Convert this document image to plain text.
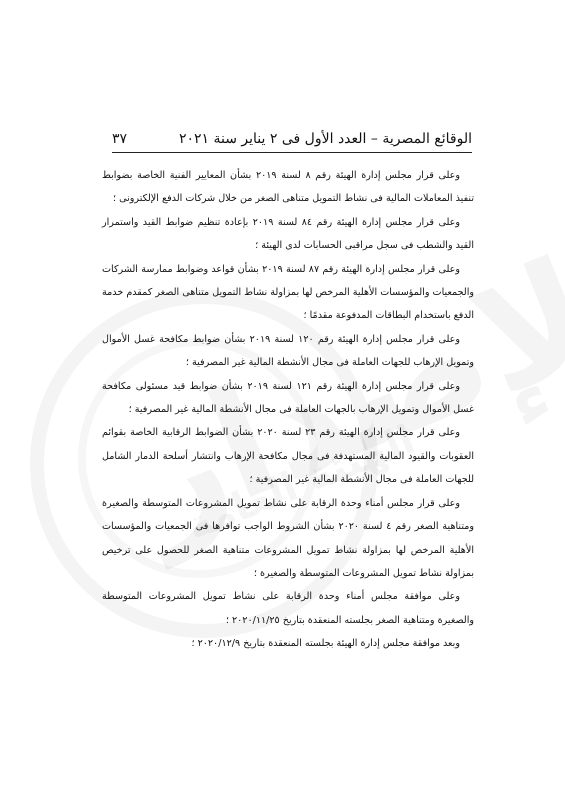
الوقائع المصرية – العدد الأول فى ٢ يناير سنة ٢٠٢١
٣٧

وعلى قرار مجلس إدارة الهيئة رقم ٨ لسنة ٢٠١٩ بشأن المعايير الفنية الخاصة بضوابط تنفيذ المعاملات المالية فى نشاط التمويل متناهى الصغر من خلال شركات الدفع الإلكترونى ؛

وعلى قرار مجلس إدارة الهيئة رقم ٨٤ لسنة ٢٠١٩ بإعادة تنظيم ضوابط القيد واستمرار القيد والشطب فى سجل مراقبى الحسابات لدى الهيئة ؛

وعلى قرار مجلس إدارة الهيئة رقم ٨٧ لسنة ٢٠١٩ بشأن قواعد وضوابط ممارسة الشركات والجمعيات والمؤسسات الأهلية المرخص لها بمزاولة نشاط التمويل متناهى الصغر كمقدم خدمة الدفع باستخدام البطاقات المدفوعة مقدمًا ؛

وعلى قرار مجلس إدارة الهيئة رقم ١٢٠ لسنة ٢٠١٩ بشأن ضوابط مكافحة غسل الأموال وتمويل الإرهاب للجهات العاملة فى مجال الأنشطة المالية غير المصرفية ؛

وعلى قرار مجلس إدارة الهيئة رقم ١٢١ لسنة ٢٠١٩ بشأن ضوابط قيد مسئولى مكافحة غسل الأموال وتمويل الإرهاب بالجهات العاملة فى مجال الأنشطة المالية غير المصرفية ؛

وعلى قرار مجلس إدارة الهيئة رقم ٢٣ لسنة ٢٠٢٠ بشأن الضوابط الرقابية الخاصة بقوائم العقوبات والقيود المالية المستهدفة فى مجال مكافحة الإرهاب وانتشار أسلحة الدمار الشامل للجهات العاملة فى مجال الأنشطة المالية غير المصرفية ؛

وعلى قرار مجلس أمناء وحدة الرقابة على نشاط تمويل المشروعات المتوسطة والصغيرة ومتناهية الصغر رقم ٤ لسنة ٢٠٢٠ بشأن الشروط الواجب توافرها فى الجمعيات والمؤسسات الأهلية المرخص لها بمزاولة نشاط تمويل المشروعات متناهية الصغر للحصول على ترخيص بمزاولة نشاط تمويل المشروعات المتوسطة والصغيرة ؛

وعلى موافقة مجلس أمناء وحدة الرقابة على نشاط تمويل المشروعات المتوسطة والصغيرة ومتناهية الصغر بجلسته المنعقدة بتاريخ ٢٠٢٠/١١/٢٥ ؛

وبعد موافقة مجلس إدارة الهيئة بجلسته المنعقدة بتاريخ ٢٠٢٠/١٢/٩ ؛
